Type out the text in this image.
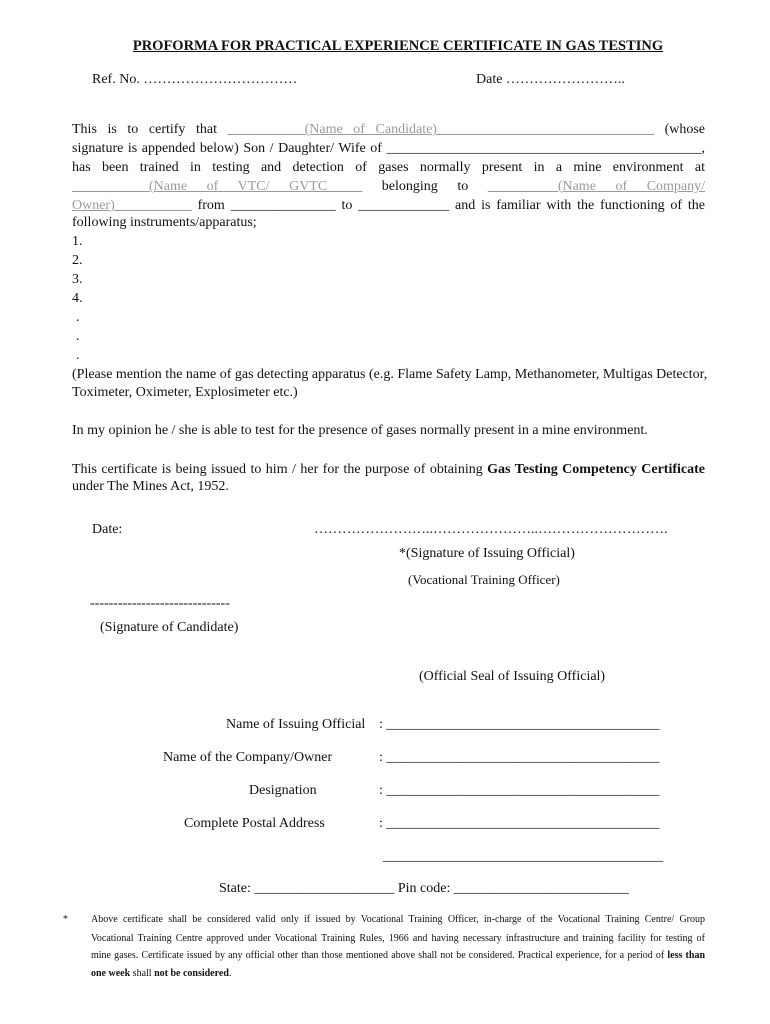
PROFORMA FOR PRACTICAL EXPERIENCE CERTIFICATE IN GAS TESTING
Ref. No. ……………………………	Date ……………………..
This is to certify that ___________(Name of Candidate)_______________________________ (whose
signature is appended below) Son / Daughter/ Wife of _____________________________________________,
has been trained in testing and detection of gases normally present in a mine environment at
___________(Name of VTC/ GVTC_____ belonging to __________(Name of Company/
Owner)___________ from _______________ to _____________ and is familiar with the functioning of the
following instruments/apparatus;
1.
2.
3.
4.
.
.
.
(Please mention the name of gas detecting apparatus (e.g. Flame Safety Lamp, Methanometer, Multigas Detector,
Toximeter, Oximeter, Explosimeter etc.)
In my opinion he / she is able to test for the presence of gases normally present in a mine environment.
This certificate is being issued to him / her for the purpose of obtaining Gas Testing Competency Certificate
under The Mines Act, 1952.
Date:	……………………..…………………..……………………….
*(Signature of Issuing Official)
(Vocational Training Officer)
------------------------------
(Signature of Candidate)
(Official Seal of Issuing Official)
Name of Issuing Official : _______________________________________
Name of the Company/Owner	: _______________________________________
Designation	: _______________________________________
Complete Postal Address	: _______________________________________
________________________________________
State: ____________________ Pin code: _________________________
* Above certificate shall be considered valid only if issued by Vocational Training Officer, in-charge of the Vocational Training Centre/ Group
Vocational Training Centre approved under Vocational Training Rules, 1966 and having necessary infrastructure and training facility for testing of
mine gases. Certificate issued by any official other than those mentioned above shall not be considered. Practical experience, for a period of less than
one week shall not be considered.
